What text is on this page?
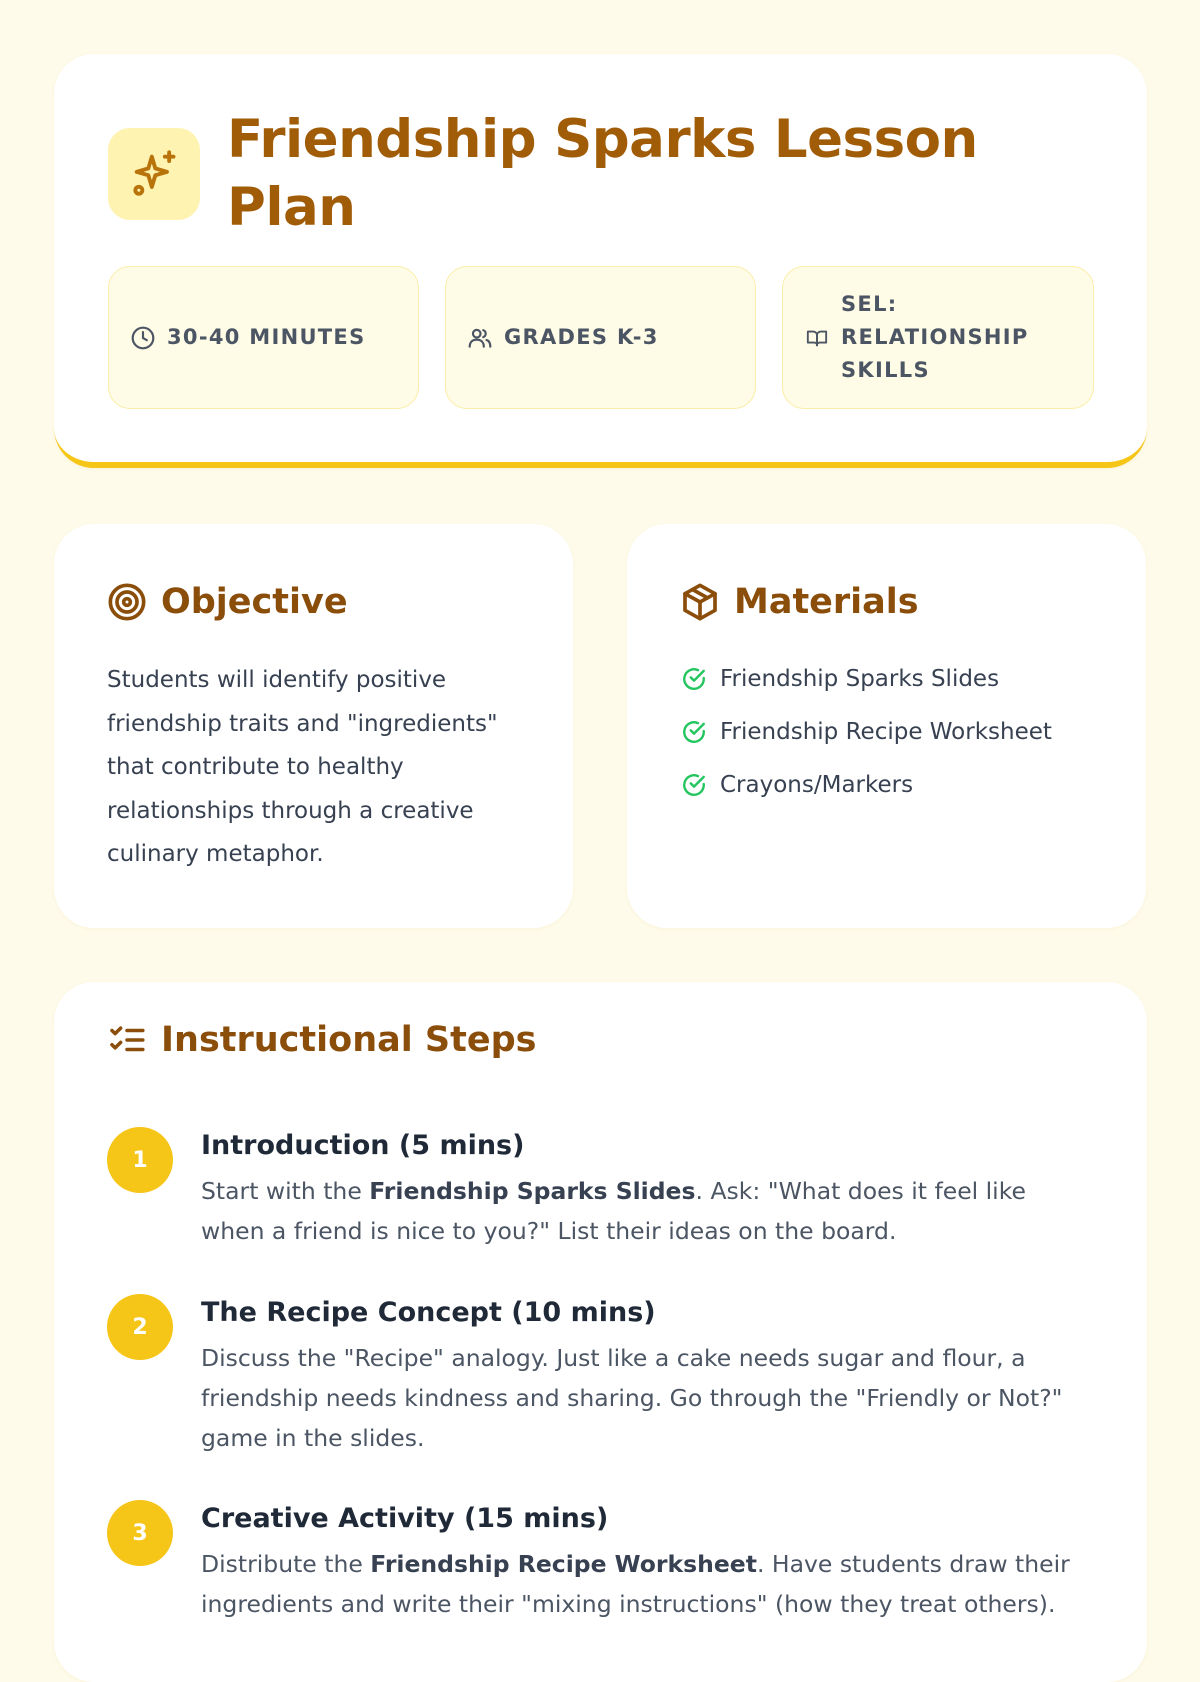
Friendship Sparks Lesson Plan
30-40 MINUTES	GRADES K-3
SEL: RELATIONSHIP SKILLS
Objective

Students will identify positive friendship traits and "ingredients" that contribute to healthy relationships through a creative culinary metaphor.

Materials
Friendship Sparks Slides
Friendship Recipe Worksheet
Crayons/Markers
Instructional Steps
1	Introduction (5 mins)
Start with the Friendship Sparks Slides. Ask: "What does it feel like when a friend is nice to you?" List their ideas on the board.
2	The Recipe Concept (10 mins)
Discuss the "Recipe" analogy. Just like a cake needs sugar and flour, a friendship needs kindness and sharing. Go through the "Friendly or Not?" game in the slides.
3	Creative Activity (15 mins)
Distribute the Friendship Recipe Worksheet. Have students draw their ingredients and write their "mixing instructions" (how they treat others).
